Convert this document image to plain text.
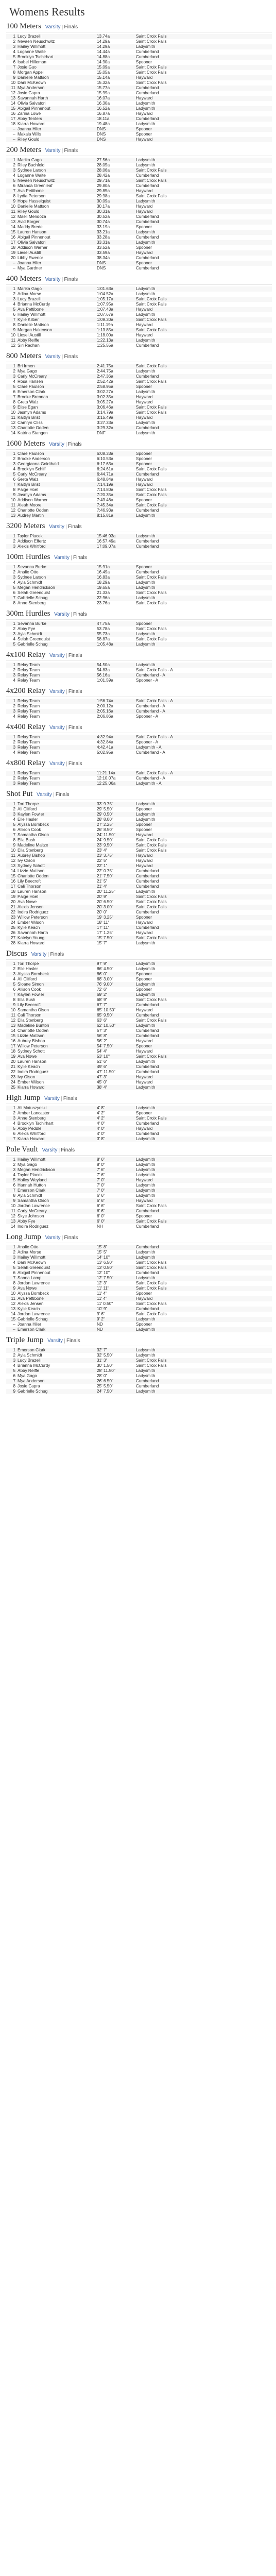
Womens Results
100 Meters Varsity | Finals
1	Lucy Brazelli	13.74a	Saint Croix Falls
2	Nevaeh Neuschwitz	14.29a	Saint Croix Falls
3	Hailey Willmott	14.29a	Ladysmith
4	Loganne Waite	14.44a	Cumberland
5	Brooklyn Tschirhart	14.88a	Cumberland
6	Isabel Hilleman	14.90a	Spooner
7	Josie Guo	15.09a	Saint Croix Falls
8	Morgan Appel	15.05a	Saint Croix Falls
9	Danielle Mattson	15.14a	Hayward
10	Dani McKeown	15.32a	Saint Croix Falls
11	Mya Anderson	15.77a	Cumberland
12	Josie Capra	15.99a	Cumberland
13	Savannah Harth	16.07a	Hayward
14	Olivia Salvatori	16.30a	Ladysmith
15	Abigail Pinnenout	16.52a	Ladysmith
16	Zarina Lowe	16.87a	Hayward
17	Abby Tenters	18.11a	Cumberland
18	Kiarra Howard	19.48a	Ladysmith
--	Joanna Hiler	DNS	Spooner
--	Makala Wills	DNS	Spooner
--	Riley Gould	DNS	Hayward
200 Meters Varsity | Finals
1	Marika Gago	27.56a	Ladysmith
2	Riley Bachfeld	28.05a	Ladysmith
3	Sydnee Larson	28.06a	Saint Croix Falls
4	Loganne Waite	28.42a	Cumberland
5	Nevaeh Neuschwitz	29.71a	Saint Croix Falls
6	Miranda Greenleaf	29.80a	Cumberland
7	Ava Pettibone	29.85a	Hayward
8	Lydia Peterson	29.98a	Saint Croix Falls
9	Hope Hasselquist	30.09a	Ladysmith
10	Danielle Mattson	30.17a	Hayward
11	Riley Gould	30.31a	Hayward
12	Maeli Mendoza	30.52a	Cumberland
13	Avid Borger	30.74a	Cumberland
14	Maddy Brede	33.19a	Spooner
15	Lauren Hanson	33.21a	Ladysmith
16	Abigail Pinnenout	33.28a	Cumberland
17	Olivia Salvatori	33.31a	Ladysmith
18	Addison Warner	33.52a	Spooner
19	Liesel Austill	33.59a	Hayward
20	Libby Swenor	38.34a	Cumberland
--	Joanna Hiler	DNS	Spooner
--	Mya Gardner	DNS	Cumberland
400 Meters Varsity | Finals
1	Marika Gago	1:01.63a	Ladysmith
2	Adina Morse	1:04.52a	Ladysmith
3	Lucy Brazelli	1:05.17a	Saint Croix Falls
4	Brianna McCurdy	1:07.95a	Saint Croix Falls
5	Ava Pettibone	1:07.43a	Hayward
6	Hailey Willmott	1:07.67a	Ladysmith
7	Kylie Kilber	1:09.30a	Saint Croix Falls
8	Danielle Mattson	1:11.19a	Hayward
9	Morgan Hakenson	1:13.85a	Saint Croix Falls
10	Liesel Austill	1:18.00a	Hayward
11	Abby Reiffe	1:22.13a	Ladysmith
12	Siri Radhan	1:25.55a	Cumberland
800 Meters Varsity | Finals
1	Bri Irmen	2:41.75a	Saint Croix Falls
2	Mya Gago	2:44.75a	Ladysmith
3	Carly McCreary	2:47.36a	Cumberland
4	Rosa Hansen	2:52.42a	Saint Croix Falls
5	Clare Paulson	2:58.95a	Spooner
6	Emerson Clark	3:02.27a	Ladysmith
7	Brooke Brennan	3:02.35a	Hayward
8	Greta Walz	3:05.27a	Hayward
9	Elise Egan	3:06.46a	Saint Croix Falls
10	Jasmyn Adams	3:14.79a	Saint Croix Falls
11	Kaitlyn Brist	3:15.49a	Hayward
12	Camryn Cliss	3:27.33a	Ladysmith
13	Charlotte Odden	3:29.32a	Cumberland
14	Katrina Stangen	DNF	Ladysmith
1600 Meters Varsity | Finals
1	Clare Paulson	6:08.33a	Spooner
2	Brooke Anderson	6:10.53a	Spooner
3	Georgianna Goldthald	6:17.63a	Spooner
4	Brooklyn Schiff	6:24.61a	Saint Croix Falls
5	Carly McCreary	6:44.71a	Cumberland
6	Greta Walz	6:48.84a	Hayward
7	Kaitlyn Brist	7:14.19a	Hayward
8	Paige Hoel	7:14.80a	Saint Croix Falls
9	Jasmyn Adams	7:20.35a	Saint Croix Falls
10	Addison Warner	7:43.46a	Spooner
11	Aleah Moore	7:45.34a	Saint Croix Falls
12	Charlotte Odden	7:46.93a	Cumberland
13	Audrey Martin	8:15.81a	Ladysmith
3200 Meters Varsity | Finals
1	Taylor Placek	15:46.93a	Ladysmith
2	Addison Effertz	16:57.49a	Cumberland
3	Alexis Whitford	17:09.07a	Cumberland
100m Hurdles Varsity | Finals
1	Sevanna Burke	15.91a	Spooner
2	Analie Otto	16.49a	Cumberland
3	Sydnee Larson	16.83a	Saint Croix Falls
4	Ayla Schmidt	18.29a	Ladysmith
5	Megan Hendrickson	19.65a	Ladysmith
6	Selah Greenquist	21.33a	Saint Croix Falls
7	Gabrielle Schug	22.96a	Ladysmith
8	Anne Stenberg	23.76a	Saint Croix Falls
300m Hurdles Varsity | Finals
1	Sevanna Burke	47.75a	Spooner
2	Abby Fye	53.78a	Saint Croix Falls
3	Ayla Schmidt	55.73a	Ladysmith
4	Selah Greenquist	58.87a	Saint Croix Falls
5	Gabrielle Schug	1:05.48a	Ladysmith
4x100 Relay Varsity | Finals
1	Relay Team	54.50a	Ladysmith
2	Relay Team	54.83a	Saint Croix Falls - A
3	Relay Team	56.16a	Cumberland - A
4	Relay Team	1:01.59a	Spooner - A
4x200 Relay Varsity | Finals
1	Relay Team	1:56.74a	Saint Croix Falls - A
2	Relay Team	2:00.12a	Cumberland - A
3	Relay Team	2:05.16a	Cumberland - A
4	Relay Team	2:06.86a	Spooner - A
4x400 Relay Varsity | Finals
1	Relay Team	4:32.94a	Saint Croix Falls - A
2	Relay Team	4:32.84a	Spooner - A
3	Relay Team	4:42.41a	Ladysmith - A
4	Relay Team	5:02.95a	Cumberland - A
4x800 Relay Varsity | Finals
1	Relay Team	11:21.14a	Saint Croix Falls - A
2	Relay Team	12:10.07a	Cumberland - A
3	Relay Team	12:25.06a	Ladysmith - A
Shot Put Varsity | Finals
1	Tori Thorpe	33' 9.75"	Ladysmith
2	Ali Clifford	29' 5.50"	Spooner
3	Kaylen Fowler	29' 0.50"	Ladysmith
4	Elle Hasler	28' 8.00"	Ladysmith
5	Alyssa Bornbeck	27' 2.25"	Spooner
6	Allison Cook	26' 8.50"	Spooner
7	Samantha Olson	24' 11.50"	Hayward
8	Ella Bush	24' 9.50"	Saint Croix Falls
9	Madeline Maltze	23' 9.50"	Saint Croix Falls
10	Ella Stenberg	23' 4"	Saint Croix Falls
11	Aubrey Bishop	23' 3.75"	Hayward
12	Ivy Olson	22' 5"	Hayward
13	Sydney Schott	22' 1"	Hayward
14	Lizzie Mattson	22' 0.75"	Cumberland
15	Charlotte Odden	21' 7.50"	Cumberland
16	Lily Beecroft	21' 5"	Cumberland
17	Cali Thorson	21' 4"	Cumberland
18	Lauren Hanson	20' 11.25"	Ladysmith
19	Paige Hoel	20' 9"	Saint Croix Falls
20	Ava Nowe	20' 6.50"	Saint Croix Falls
21	Alexis Jensen	20' 3.00"	Saint Croix Falls
22	Indira Rodriguez	20' 0"	Cumberland
23	Willow Peterson	19' 3.25"	Spooner
24	Ember Wilson	18' 11"	Hayward
25	Kylie Keach	17' 11"	Cumberland
26	Savannah Harth	17' 1.25"	Hayward
27	Katelyn Young	15' 7.50"	Saint Croix Falls
28	Kiarra Howard	15' 7"	Ladysmith
Discus Varsity | Finals
1	Tori Thorpe	97' 9"	Ladysmith
2	Elle Hasler	86' 4.50"	Ladysmith
3	Alyssa Bornbeck	86' 0"	Spooner
4	Ali Clifford	68' 3.00"	Spooner
5	Sloane Simon	76' 9.00"	Ladysmith
6	Allison Cook	72' 6"	Spooner
7	Kaylen Fowler	69' 2"	Ladysmith
8	Ella Bush	68' 9"	Saint Croix Falls
9	Lily Beecroft	67' 7"	Cumberland
10	Samantha Olson	65' 10.50"	Hayward
11	Cali Thorson	65' 9.50"	Cumberland
12	Ella Stenberg	63' 6"	Saint Croix Falls
13	Madeline Bunton	62' 10.50"	Ladysmith
14	Charlotte Odden	57' 3"	Cumberland
15	Lizzie Mattson	56' 8"	Cumberland
16	Aubrey Bishop	56' 2"	Hayward
17	Willow Peterson	54' 7.50"	Spooner
18	Sydney Schott	54' 4"	Hayward
19	Ava Nowe	53' 10"	Saint Croix Falls
20	Lauren Hanson	51' 6"	Ladysmith
21	Kylie Keach	49' 6"	Cumberland
22	Indira Rodriguez	47' 11.50"	Cumberland
23	Ivy Olson	47' 3"	Hayward
24	Ember Wilson	45' 0"	Hayward
25	Kiarra Howard	38' 4"	Ladysmith
High Jump Varsity | Finals
1	Ali Matuszynski	4' 8"	Ladysmith
2	Amber Lancaster	4' 2"	Spooner
3	Anne Stenberg	4' 2"	Saint Croix Falls
4	Brooklyn Tschirhart	4' 0"	Cumberland
5	Abby Peddle	4' 0"	Hayward
6	Alexis Whitford	4' 0"	Cumberland
7	Kiarra Howard	3' 8"	Ladysmith
Pole Vault Varsity | Finals
1	Hailey Willmott	8' 6"	Ladysmith
2	Mya Gago	8' 0"	Ladysmith
3	Megan Hendrickson	7' 6"	Ladysmith
4	Taylor Placek	7' 6"	Ladysmith
5	Hailey Weyland	7' 0"	Hayward
6	Hannah Hutton	7' 0"	Ladysmith
7	Emerson Clark	7' 0"	Ladysmith
8	Ayla Schmidt	6' 6"	Ladysmith
9	Samantha Olson	6' 6"	Hayward
10	Jordan Lawrence	6' 6"	Saint Croix Falls
11	Carly McCreary	6' 6"	Cumberland
12	Skye Johnson	6' 0"	Spooner
13	Abby Fye	6' 0"	Saint Croix Falls
14	Indira Rodriguez	NH	Cumberland
Long Jump Varsity | Finals
1	Analie Otto	15' 8"	Cumberland
2	Adina Morse	15' 5"	Ladysmith
3	Hailey Willmott	14' 10"	Ladysmith
4	Dani McKeown	13' 6.50"	Saint Croix Falls
5	Selah Greenquist	13' 0.50"	Saint Croix Falls
6	Abigail Pinnenout	12' 10"	Cumberland
7	Sanna Lamp	12' 7.50"	Ladysmith
8	Jordan Lawrence	12' 3"	Saint Croix Falls
9	Ava Nowe	11' 11"	Saint Croix Falls
10	Alyssa Bornbeck	11' 4"	Spooner
11	Ava Pettibone	11' 4"	Hayward
12	Alexis Jensen	11' 0.50"	Saint Croix Falls
13	Kylie Keach	10' 9"	Cumberland
14	Jordan Lawrence	9' 6"	Saint Croix Falls
15	Gabrielle Schug	9' 2"	Ladysmith
--	Joanna Hiler	ND	Spooner
--	Emerson Clark	ND	Ladysmith
Triple Jump Varsity | Finals
1	Emerson Clark	32' 7"	Ladysmith
2	Ayla Schmidt	32' 5.50"	Ladysmith
3	Lucy Brazelli	31' 3"	Saint Croix Falls
4	Brianna McCurdy	30' 1.50"	Saint Croix Falls
5	Abby Reiffe	28' 11.50"	Ladysmith
6	Mya Gago	28' 0"	Ladysmith
7	Mya Anderson	26' 6.50"	Cumberland
8	Josie Capra	25' 5.50"	Cumberland
9	Gabrielle Schug	24' 7.50"	Ladysmith
